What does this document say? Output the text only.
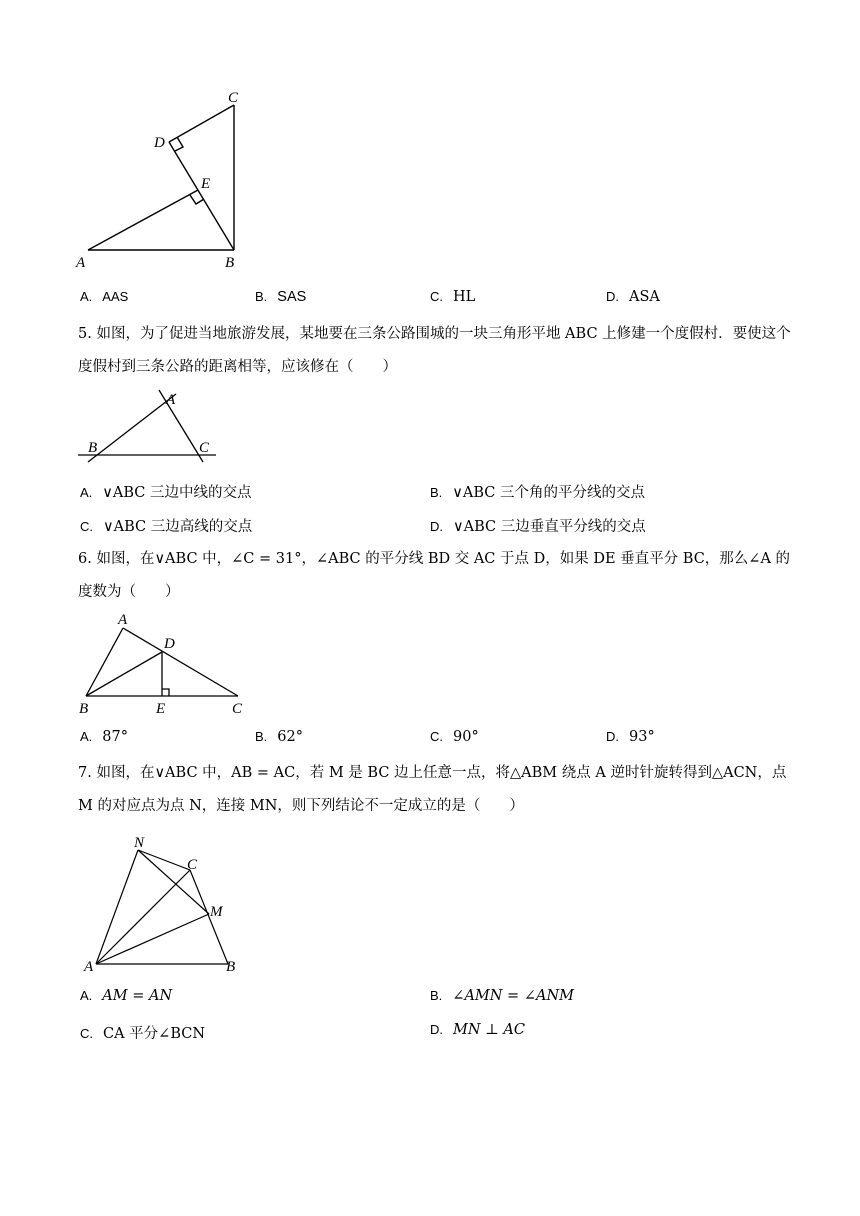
A	B
C
D
E
A. AAS	B. SAS	C. HL	D. ASA
5. 如图，为了促进当地旅游发展，某地要在三条公路围城的一块三角形平地 ABC 上修建一个度假村．要使这个度假村到三条公路的距离相等，应该修在（　　）
B
A
C
A. ∨ABC 三边中线的交点	B. ∨ABC 三个角的平分线的交点
C. ∨ABC 三边高线的交点	D. ∨ABC 三边垂直平分线的交点
6. 如图，在∨ABC 中，∠C = 31°，∠ABC 的平分线 BD 交 AC 于点 D，如果 DE 垂直平分 BC，那么∠A 的度数为（　　）
A
D
B	E	C
A. 87°	B. 62°	C. 90°	D. 93°
7. 如图，在∨ABC 中，AB = AC，若 M 是 BC 边上任意一点，将△ABM 绕点 A 逆时针旋转得到△ACN，点 M 的对应点为点 N，连接 MN，则下列结论不一定成立的是（　　）
N
C
M
A	B
A. AM = AN	B. ∠AMN = ∠ANM
C. CA 平分∠BCN	D. MN ⊥ AC
